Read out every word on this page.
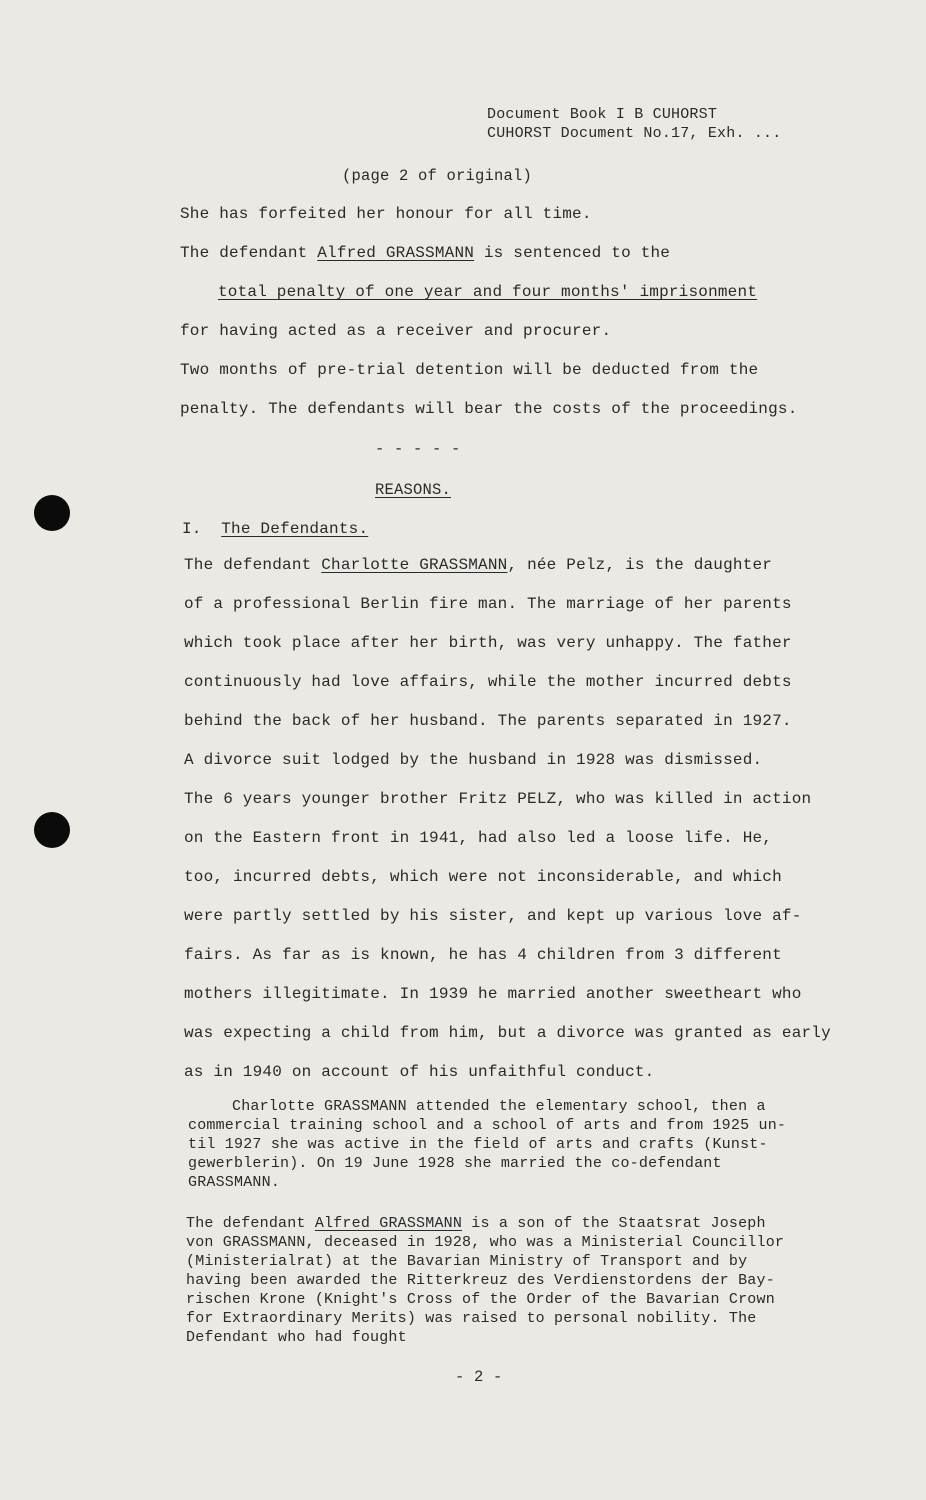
Document Book I B CUHORST
CUHORST Document No.17, Exh. ...
(page 2 of original)
She has forfeited her honour for all time.
The defendant Alfred GRASSMANN is sentenced to the
total penalty of one year and four months' imprisonment
for having acted as a receiver and procurer.
Two months of pre-trial detention will be deducted from the
penalty. The defendants will bear the costs of the proceedings.
- - - - -
REASONS.
I. The Defendants.
The defendant Charlotte GRASSMANN, née Pelz, is the daughter
of a professional Berlin fire man. The marriage of her parents
which took place after her birth, was very unhappy. The father
continuously had love affairs, while the mother incurred debts
behind the back of her husband. The parents separated in 1927.
A divorce suit lodged by the husband in 1928 was dismissed.
The 6 years younger brother Fritz PELZ, who was killed in action
on the Eastern front in 1941, had also led a loose life. He,
too, incurred debts, which were not inconsiderable, and which
were partly settled by his sister, and kept up various love af-
fairs. As far as is known, he has 4 children from 3 different
mothers illegitimate. In 1939 he married another sweetheart who
was expecting a child from him, but a divorce was granted as early
as in 1940 on account of his unfaithful conduct.
Charlotte GRASSMANN attended the elementary school, then a
commercial training school and a school of arts and from 1925 un-
til 1927 she was active in the field of arts and crafts (Kunst-
gewerblerin). On 19 June 1928 she married the co-defendant
GRASSMANN.
The defendant Alfred GRASSMANN is a son of the Staatsrat Joseph
von GRASSMANN, deceased in 1928, who was a Ministerial Councillor
(Ministerialrat) at the Bavarian Ministry of Transport and by
having been awarded the Ritterkreuz des Verdienstordens der Bay-
rischen Krone (Knight's Cross of the Order of the Bavarian Crown
for Extraordinary Merits) was raised to personal nobility. The
Defendant who had fought
- 2 -
